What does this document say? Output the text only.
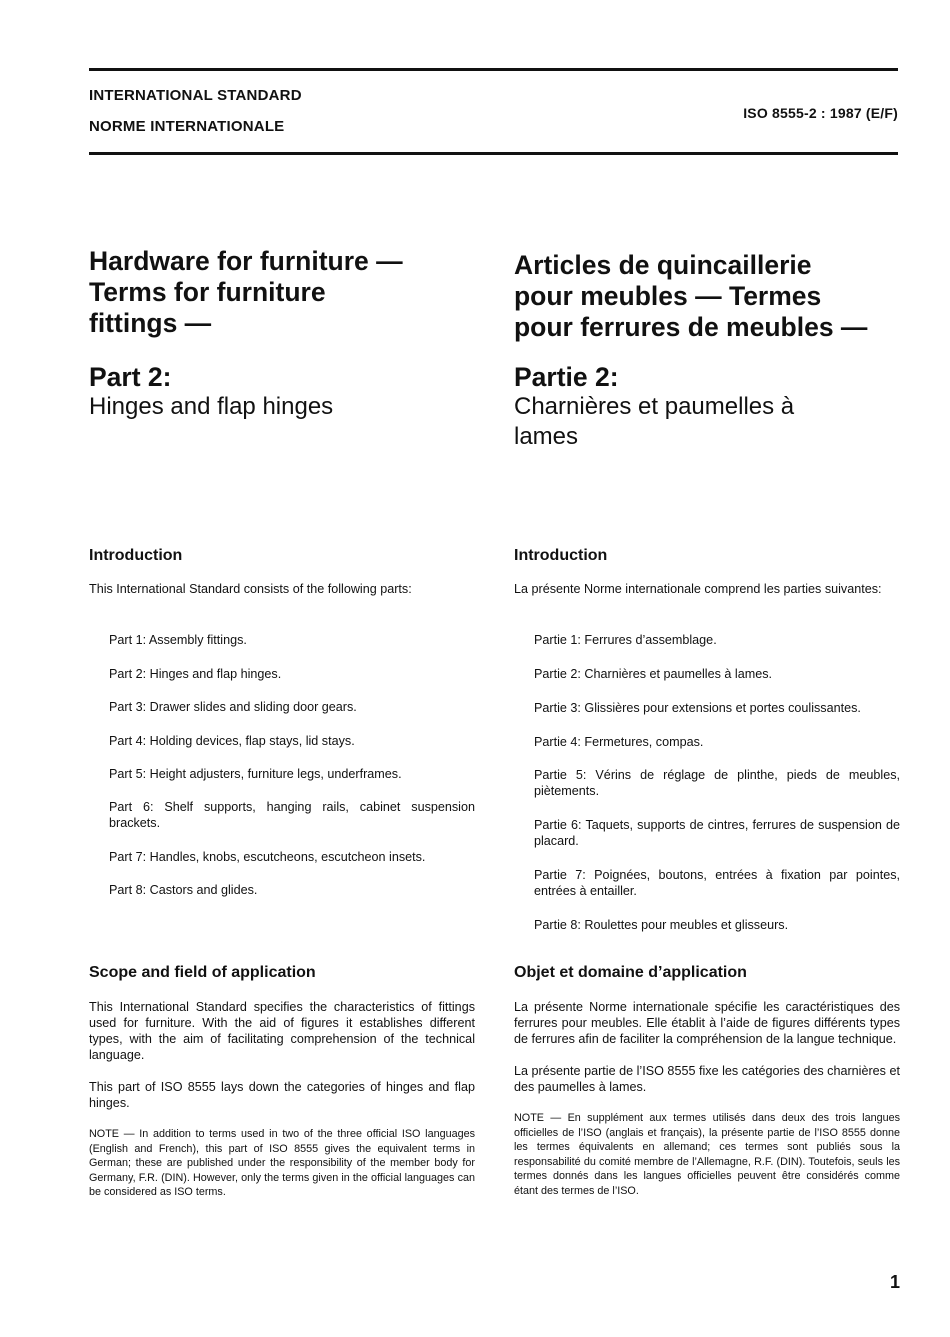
INTERNATIONAL STANDARD
NORME INTERNATIONALE
ISO 8555-2 : 1987 (E/F)
Hardware for furniture —
Terms for furniture
fittings —
Part 2:
Hinges and flap hinges
Articles de quincaillerie
pour meubles — Termes
pour ferrures de meubles —
Partie 2:
Charnières et paumelles à
lames
Introduction
This International Standard consists of the following parts:
Part 1: Assembly fittings.
Part 2: Hinges and flap hinges.
Part 3: Drawer slides and sliding door gears.
Part 4: Holding devices, flap stays, lid stays.
Part 5: Height adjusters, furniture legs, underframes.
Part 6: Shelf supports, hanging rails, cabinet suspension brackets.
Part 7: Handles, knobs, escutcheons, escutcheon insets.
Part 8: Castors and glides.
Introduction
La présente Norme internationale comprend les parties suivantes:
Partie 1: Ferrures d’assemblage.
Partie 2: Charnières et paumelles à lames.
Partie 3: Glissières pour extensions et portes coulissantes.
Partie 4: Fermetures, compas.
Partie 5: Vérins de réglage de plinthe, pieds de meubles, piètements.
Partie 6: Taquets, supports de cintres, ferrures de suspension de placard.
Partie 7: Poignées, boutons, entrées à fixation par pointes, entrées à entailler.
Partie 8: Roulettes pour meubles et glisseurs.
Scope and field of application
This International Standard specifies the characteristics of fittings used for furniture. With the aid of figures it establishes different types, with the aim of facilitating comprehension of the technical language.
This part of ISO 8555 lays down the categories of hinges and flap hinges.
NOTE — In addition to terms used in two of the three official ISO languages (English and French), this part of ISO 8555 gives the equivalent terms in German; these are published under the responsibility of the member body for Germany, F.R. (DIN). However, only the terms given in the official languages can be considered as ISO terms.
Objet et domaine d’application
La présente Norme internationale spécifie les caractéristiques des ferrures pour meubles. Elle établit à l’aide de figures différents types de ferrures afin de faciliter la compréhension de la langue technique.
La présente partie de l’ISO 8555 fixe les catégories des charnières et des paumelles à lames.
NOTE — En supplément aux termes utilisés dans deux des trois langues officielles de l’ISO (anglais et français), la présente partie de l’ISO 8555 donne les termes équivalents en allemand; ces termes sont publiés sous la responsabilité du comité membre de l’Allemagne, R.F. (DIN). Toutefois, seuls les termes donnés dans les langues officielles peuvent être considérés comme étant des termes de l’ISO.
1
